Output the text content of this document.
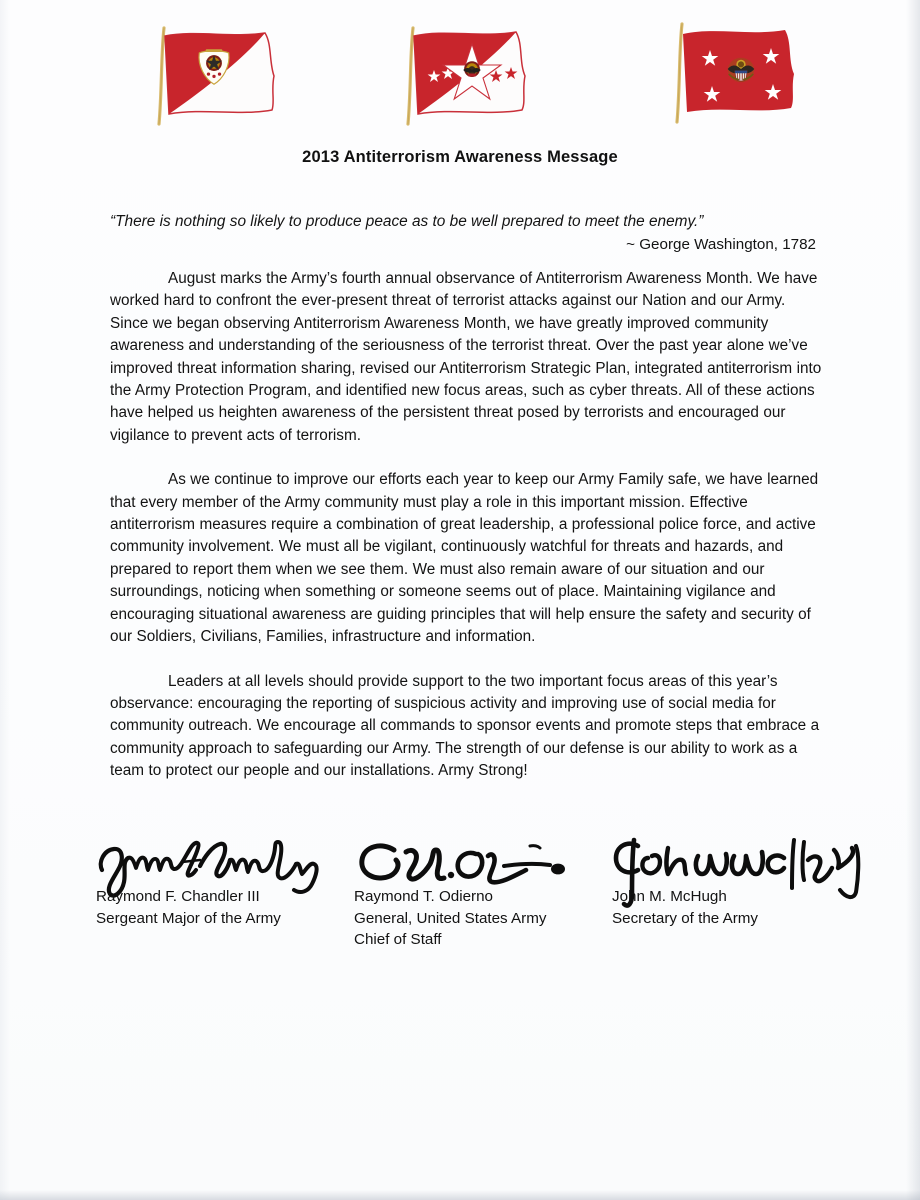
2013 Antiterrorism Awareness Message
“There is nothing so likely to produce peace as to be well prepared to meet the enemy.”
~ George Washington, 1782

August marks the Army’s fourth annual observance of Antiterrorism Awareness Month. We have worked hard to confront the ever-present threat of terrorist attacks against our Nation and our Army. Since we began observing Antiterrorism Awareness Month, we have greatly improved community awareness and understanding of the seriousness of the terrorist threat. Over the past year alone we’ve improved threat information sharing, revised our Antiterrorism Strategic Plan, integrated antiterrorism into the Army Protection Program, and identified new focus areas, such as cyber threats. All of these actions have helped us heighten awareness of the persistent threat posed by terrorists and encouraged our vigilance to prevent acts of terrorism.

As we continue to improve our efforts each year to keep our Army Family safe, we have learned that every member of the Army community must play a role in this important mission. Effective antiterrorism measures require a combination of great leadership, a professional police force, and active community involvement. We must all be vigilant, continuously watchful for threats and hazards, and prepared to report them when we see them. We must also remain aware of our situation and our surroundings, noticing when something or someone seems out of place. Maintaining vigilance and encouraging situational awareness are guiding principles that will help ensure the safety and security of our Soldiers, Civilians, Families, infrastructure and information.

Leaders at all levels should provide support to the two important focus areas of this year’s observance: encouraging the reporting of suspicious activity and improving use of social media for community outreach. We encourage all commands to sponsor events and promote steps that embrace a community approach to safeguarding our Army. The strength of our defense is our ability to work as a team to protect our people and our installations. Army Strong!

Raymond F. Chandler III
Sergeant Major of the Army
Raymond T. Odierno
General, United States Army
Chief of Staff
John M. McHugh
Secretary of the Army
